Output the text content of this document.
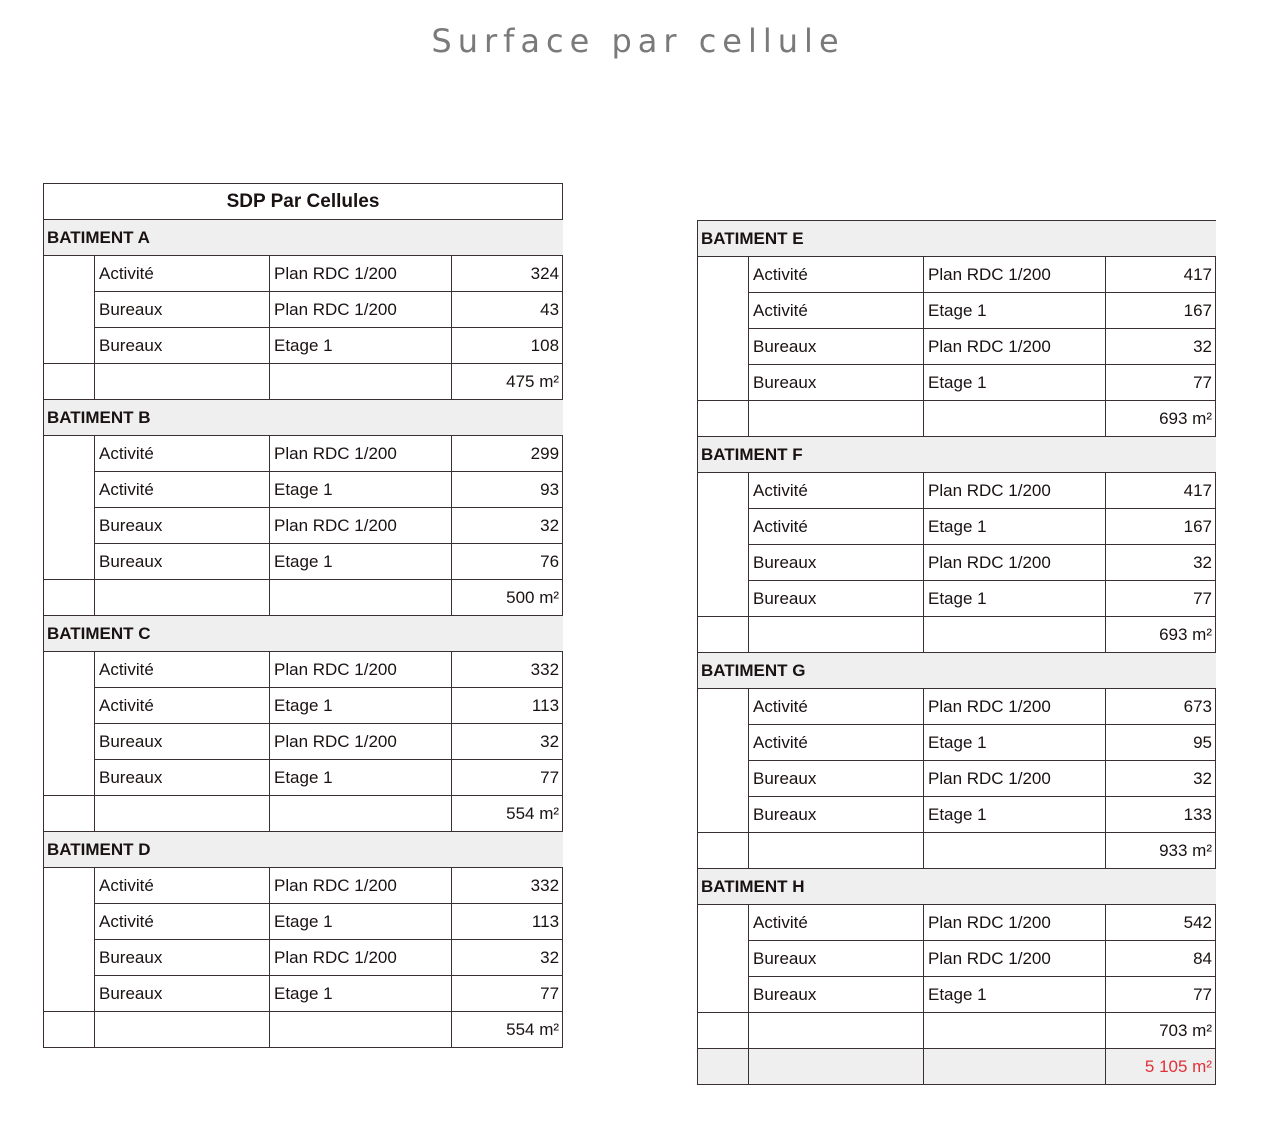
Surface par cellule
SDP Par Cellules			
BATIMENT A			
	Activité	Plan RDC 1/200	324
	Bureaux	Plan RDC 1/200	43
	Bureaux	Etage 1	108
			475 m²
BATIMENT B			
	Activité	Plan RDC 1/200	299
	Activité	Etage 1	93
	Bureaux	Plan RDC 1/200	32
	Bureaux	Etage 1	76
			500 m²
BATIMENT C			
	Activité	Plan RDC 1/200	332
	Activité	Etage 1	113
	Bureaux	Plan RDC 1/200	32
	Bureaux	Etage 1	77
			554 m²
BATIMENT D			
	Activité	Plan RDC 1/200	332
	Activité	Etage 1	113
	Bureaux	Plan RDC 1/200	32
	Bureaux	Etage 1	77
			554 m²
BATIMENT E			
	Activité	Plan RDC 1/200	417
	Activité	Etage 1	167
	Bureaux	Plan RDC 1/200	32
	Bureaux	Etage 1	77
			693 m²
BATIMENT F			
	Activité	Plan RDC 1/200	417
	Activité	Etage 1	167
	Bureaux	Plan RDC 1/200	32
	Bureaux	Etage 1	77
			693 m²
BATIMENT G			
	Activité	Plan RDC 1/200	673
	Activité	Etage 1	95
	Bureaux	Plan RDC 1/200	32
	Bureaux	Etage 1	133
			933 m²
BATIMENT H			
	Activité	Plan RDC 1/200	542
	Bureaux	Plan RDC 1/200	84
	Bureaux	Etage 1	77
			703 m²
			5 105 m²
